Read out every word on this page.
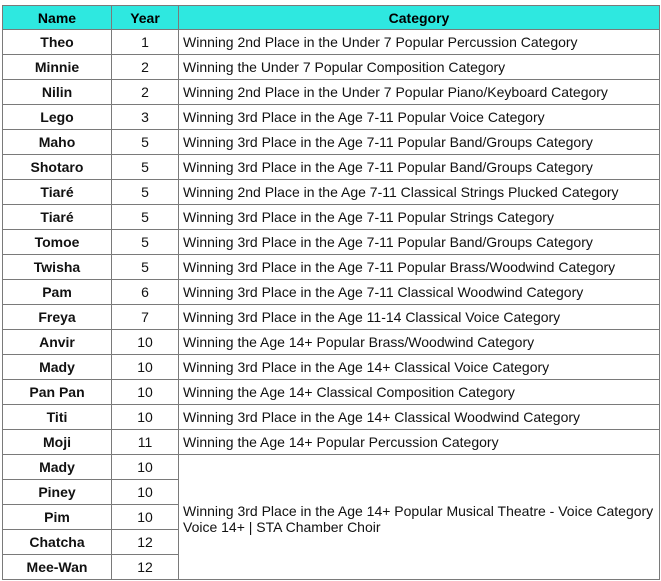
Name	Year	Category
Theo	1	Winning 2nd Place in the Under 7 Popular Percussion Category
Minnie	2	Winning the Under 7 Popular Composition Category
Nilin	2	Winning 2nd Place in the Under 7 Popular Piano/Keyboard Category
Lego	3	Winning 3rd Place in the Age 7-11 Popular Voice Category
Maho	5	Winning 3rd Place in the Age 7-11 Popular Band/Groups Category
Shotaro	5	Winning 3rd Place in the Age 7-11 Popular Band/Groups Category
Tiaré	5	Winning 2nd Place in the Age 7-11 Classical Strings Plucked Category
Tiaré	5	Winning 3rd Place in the Age 7-11 Popular Strings Category
Tomoe	5	Winning 3rd Place in the Age 7-11 Popular Band/Groups Category
Twisha	5	Winning 3rd Place in the Age 7-11 Popular Brass/Woodwind Category
Pam	6	Winning 3rd Place in the Age 7-11 Classical Woodwind Category
Freya	7	Winning 3rd Place in the Age 11-14 Classical Voice Category
Anvir	10	Winning the Age 14+ Popular Brass/Woodwind Category
Mady	10	Winning 3rd Place in the Age 14+ Classical Voice Category
Pan Pan	10	Winning the Age 14+ Classical Composition Category
Titi	10	Winning 3rd Place in the Age 14+ Classical Woodwind Category
Moji	11	Winning the Age 14+ Popular Percussion Category
Mady	10	Winning 3rd Place in the Age 14+ Popular Musical Theatre - Voice Category Voice 14+ | STA Chamber Choir
Piney	10	
Pim	10	
Chatcha	12	
Mee-Wan	12	
